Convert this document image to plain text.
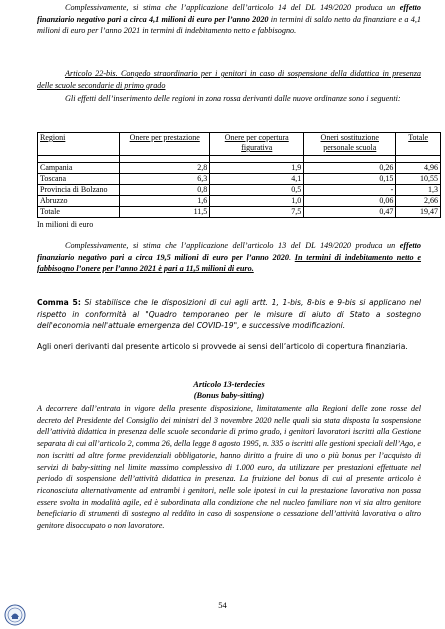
Complessivamente, si stima che l’applicazione dell’articolo 14 del DL 149/2020 produca un effetto finanziario negativo pari a circa 4,1 milioni di euro per l’anno 2020 in termini di saldo netto da finanziare e a 4,1 milioni di euro per l’anno 2021 in termini di indebitamento netto e fabbisogno.

Articolo 22-bis. Congedo straordinario per i genitori in caso di sospensione della didattica in presenza delle scuole secondarie di primo grado

Gli effetti dell’inserimento delle regioni in zona rossa derivanti dalle nuove ordinanze sono i seguenti:

Regioni	Onere per prestazione	Onere per copertura figurativa	Oneri sostituzione personale scuola	Totale

Campania	2,8	1,9	0,26	4,96
Toscana	6,3	4,1	0,15	10,55
Provincia di Bolzano	0,8	0,5	-	1,3
Abruzzo	1,6	1,0	0,06	2,66
Totale	11,5	7,5	0,47	19,47
In milioni di euro

Complessivamente, si stima che l’applicazione dell’articolo 13 del DL 149/2020 produca un effetto finanziario negativo pari a circa 19,5 milioni di euro per l’anno 2020. In termini di indebitamento netto e fabbisogno l’onere per l’anno 2021 è pari a 11,5 milioni di euro.

Comma 5: Si stabilisce che le disposizioni di cui agli artt. 1, 1-bis, 8-bis e 9-bis si applicano nel rispetto in conformità al "Quadro temporaneo per le misure di aiuto di Stato a sostegno dell'economia nell'attuale emergenza del COVID-19", e successive modificazioni.

Agli oneri derivanti dal presente articolo si provvede ai sensi dell’articolo di copertura finanziaria.

Articolo 13-terdecies
(Bonus baby-sitting)

A decorrere dall’entrata in vigore della presente disposizione, limitatamente alla Regioni delle zone rosse del decreto del Presidente del Consiglio dei ministri del 3 novembre 2020 nelle quali sia stata disposta la sospensione dell’attività didattica in presenza delle scuole secondarie di primo grado, i genitori lavoratori iscritti alla Gestione separata di cui all’articolo 2, comma 26, della legge 8 agosto 1995, n. 335 o iscritti alle gestioni speciali dell’Ago, e non iscritti ad altre forme previdenziali obbligatorie, hanno diritto a fruire di uno o più bonus per l’acquisto di servizi di baby-sitting nel limite massimo complessivo di 1.000 euro, da utilizzare per prestazioni effettuate nel periodo di sospensione dell’attività didattica in presenza. La fruizione del bonus di cui al presente articolo è riconosciuta alternativamente ad entrambi i genitori, nelle sole ipotesi in cui la prestazione lavorativa non possa essere svolta in modalità agile, ed è subordinata alla condizione che nel nucleo familiare non vi sia altro genitore beneficiario di strumenti di sostegno al reddito in caso di sospensione o cessazione dell’attività lavorativa o altro genitore disoccupato o non lavoratore.

54
